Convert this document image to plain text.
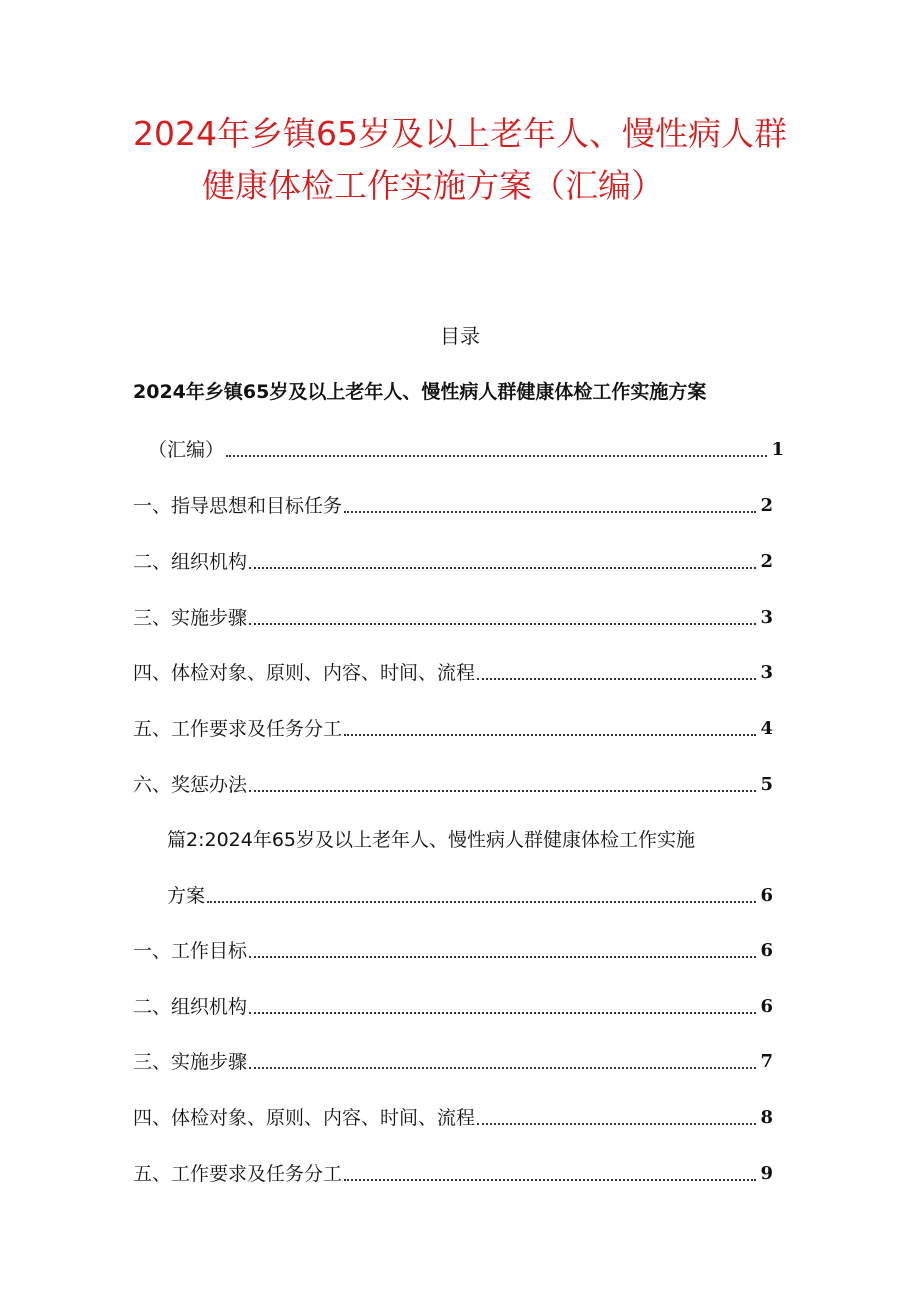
2024年乡镇65岁及以上老年人、慢性病人群
健康体检工作实施方案（汇编）
目录
2024年乡镇65岁及以上老年人、慢性病人群健康体检工作实施方案
（汇编）	1
一、指导思想和目标任务	2
二、组织机构	2
三、实施步骤	3
四、体检对象、原则、内容、时间、流程	3
五、工作要求及任务分工	4
六、奖惩办法	5
篇2:2024年65岁及以上老年人、慢性病人群健康体检工作实施
方案	6
一、工作目标	6
二、组织机构	6
三、实施步骤	7
四、体检对象、原则、内容、时间、流程	8
五、工作要求及任务分工	9
